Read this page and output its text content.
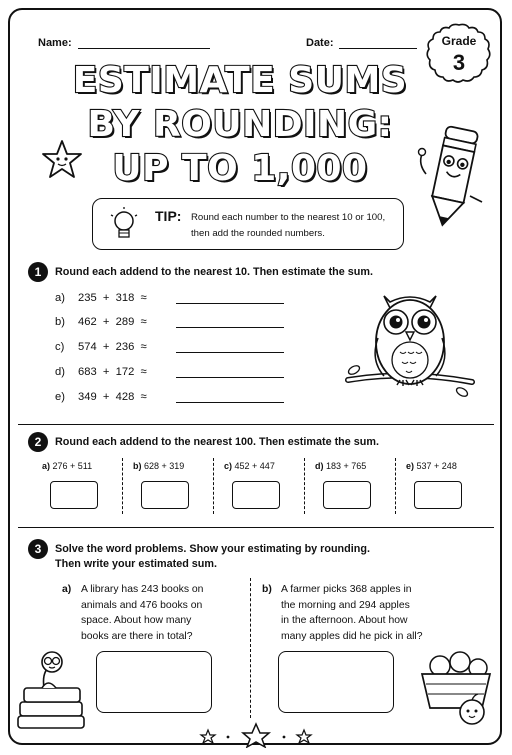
Name:	Date:	Grade
3
ESTIMATE SUMS
BY ROUNDING:
UP TO 1,000
TIP: Round each number to the nearest 10 or 100,
then add the rounded numbers.
1	Round each addend to the nearest 10. Then estimate the sum.
a) 235  +  318  ≈
b) 462  +  289  ≈
c) 574  +  236  ≈
d) 683  +  172  ≈
e) 349  +  428  ≈
2	Round each addend to the nearest 100. Then estimate the sum.
a) 276 + 511	b) 628 + 319	c) 452 + 447	d) 183 + 765	e) 537 + 248
3	Solve the word problems. Show your estimating by rounding.
Then write your estimated sum.
a) A library has 243 books on
animals and 476 books on
space. About how many
books are there in total?
b) A farmer picks 368 apples in
the morning and 294 apples
in the afternoon. About how
many apples did he pick in all?
